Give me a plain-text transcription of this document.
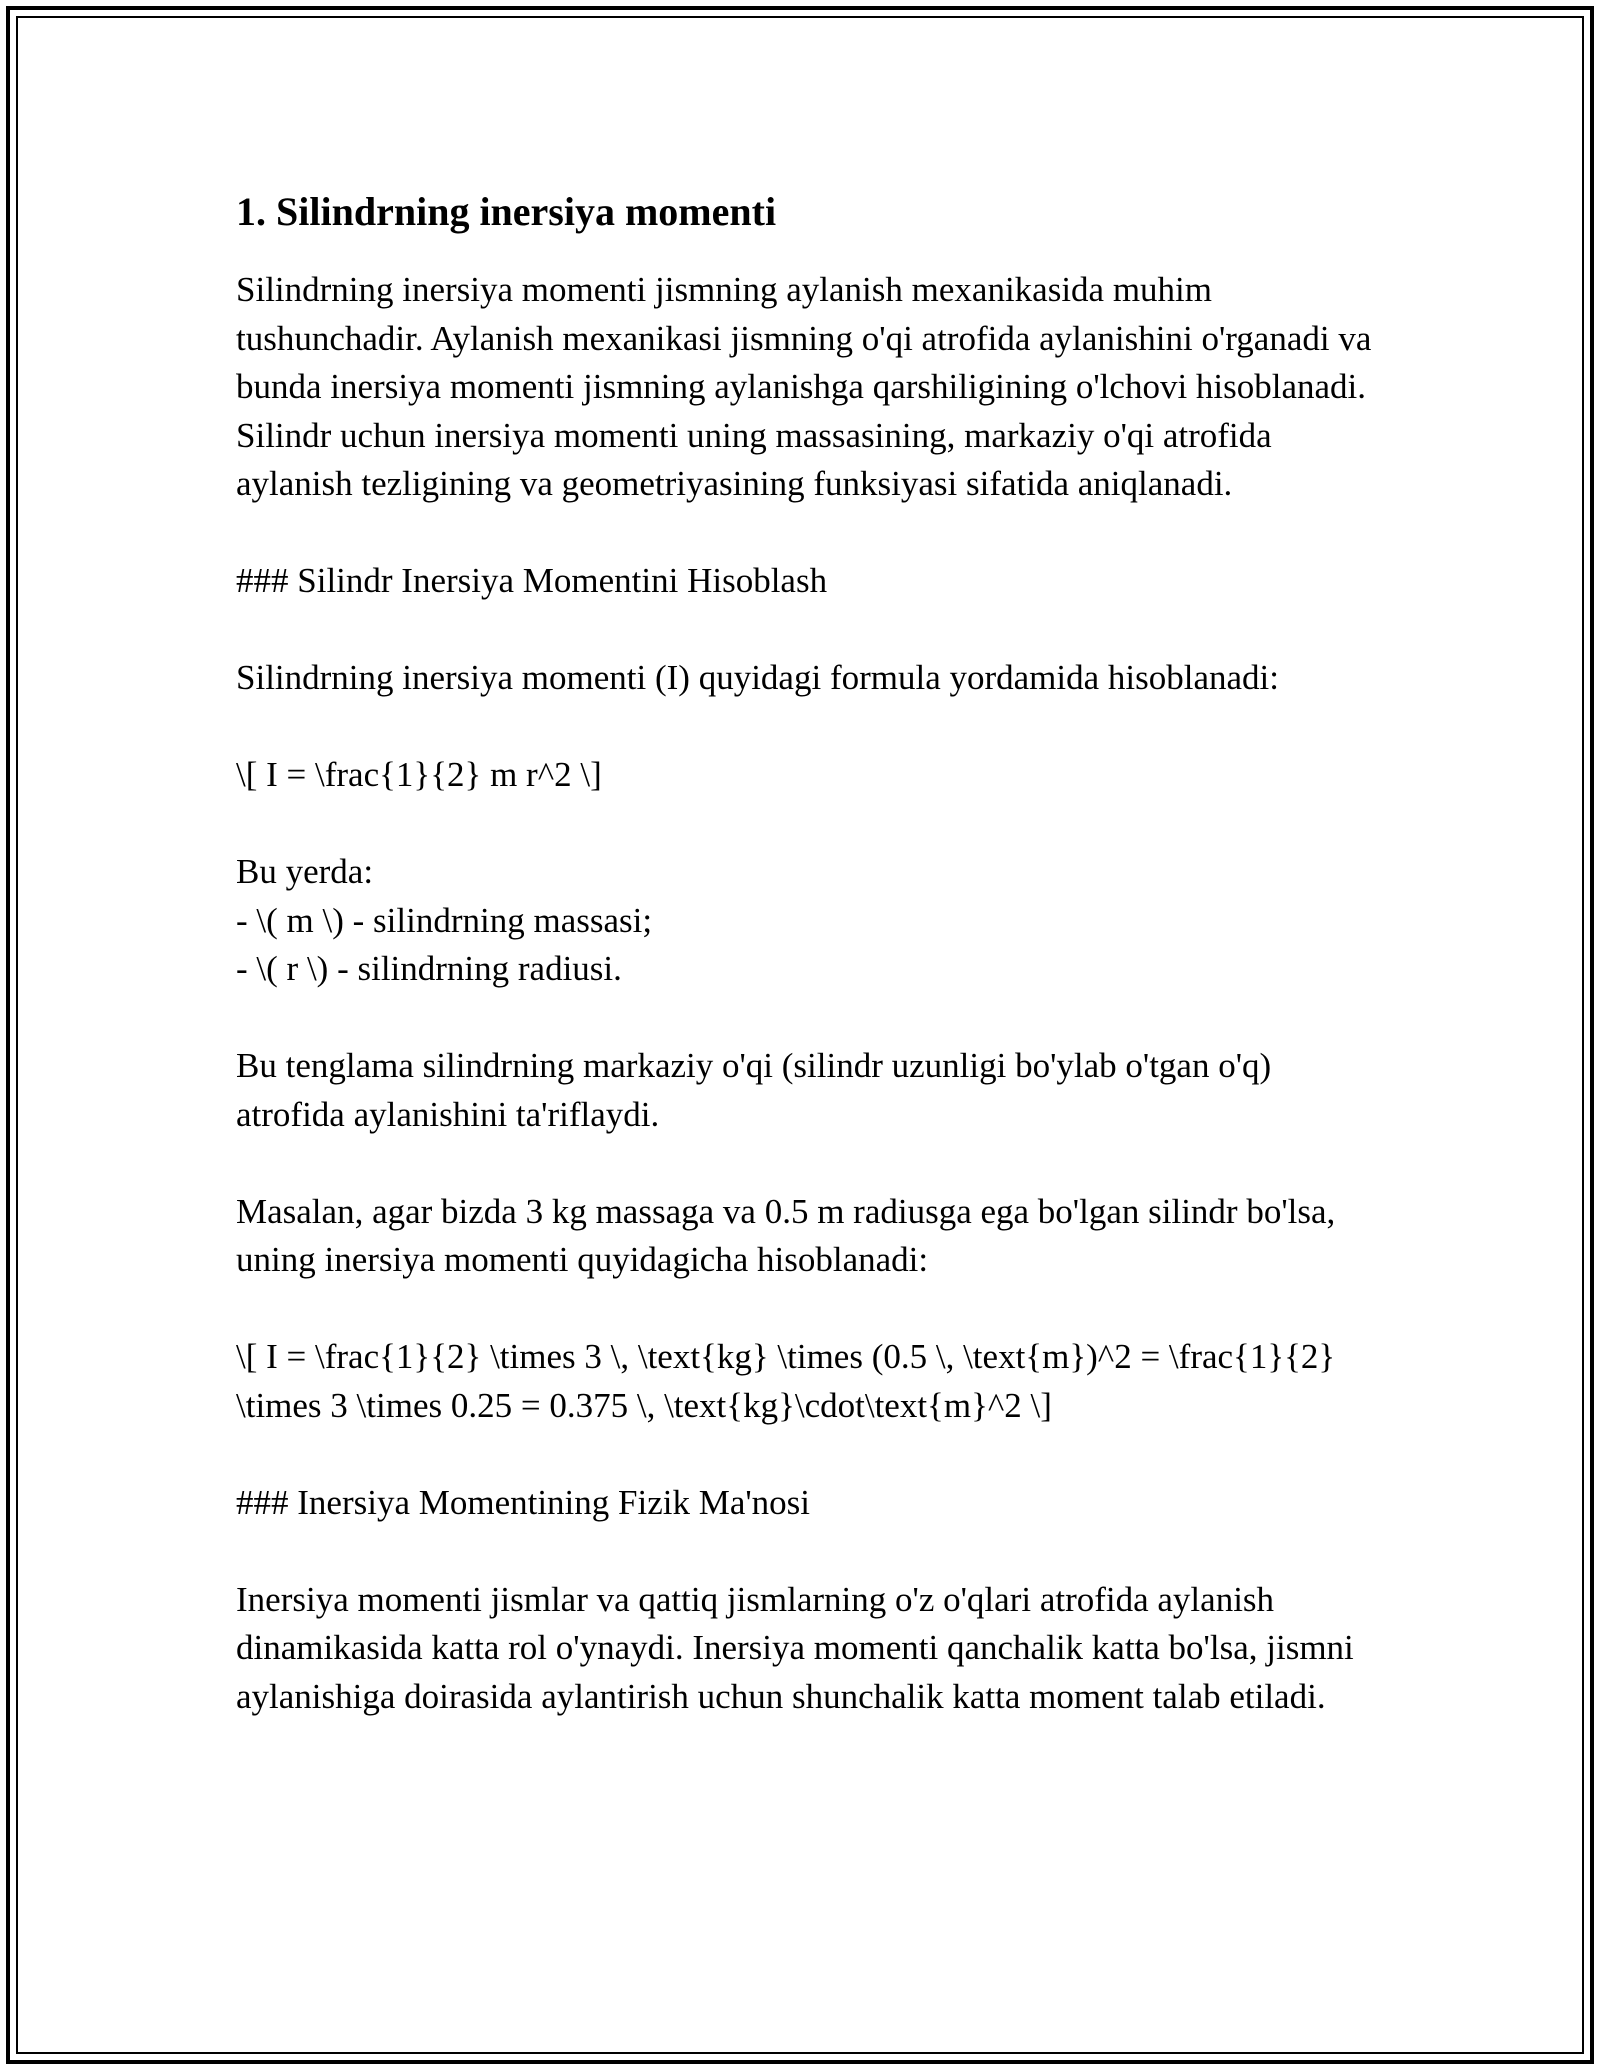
1. Silindrning inersiya momenti

Silindrning inersiya momenti jismning aylanish mexanikasida muhim tushunchadir. Aylanish mexanikasi jismning o'qi atrofida aylanishini o'rganadi va bunda inersiya momenti jismning aylanishga qarshiligining o'lchovi hisoblanadi. Silindr uchun inersiya momenti uning massasining, markaziy o'qi atrofida aylanish tezligining va geometriyasining funksiyasi sifatida aniqlanadi.

### Silindr Inersiya Momentini Hisoblash

Silindrning inersiya momenti (I) quyidagi formula yordamida hisoblanadi:

\[ I = \frac{1}{2} m r^2 \]

Bu yerda:
- \( m \) - silindrning massasi;
- \( r \) - silindrning radiusi.

Bu tenglama silindrning markaziy o'qi (silindr uzunligi bo'ylab o'tgan o'q) atrofida aylanishini ta'riflaydi.

Masalan, agar bizda 3 kg massaga va 0.5 m radiusga ega bo'lgan silindr bo'lsa, uning inersiya momenti quyidagicha hisoblanadi:

\[ I = \frac{1}{2} \times 3 \, \text{kg} \times (0.5 \, \text{m})^2 = \frac{1}{2} \times 3 \times 0.25 = 0.375 \, \text{kg}\cdot\text{m}^2 \]

### Inersiya Momentining Fizik Ma'nosi

Inersiya momenti jismlar va qattiq jismlarning o'z o'qlari atrofida aylanish dinamikasida katta rol o'ynaydi. Inersiya momenti qanchalik katta bo'lsa, jismni aylanishiga doirasida aylantirish uchun shunchalik katta moment talab etiladi.
